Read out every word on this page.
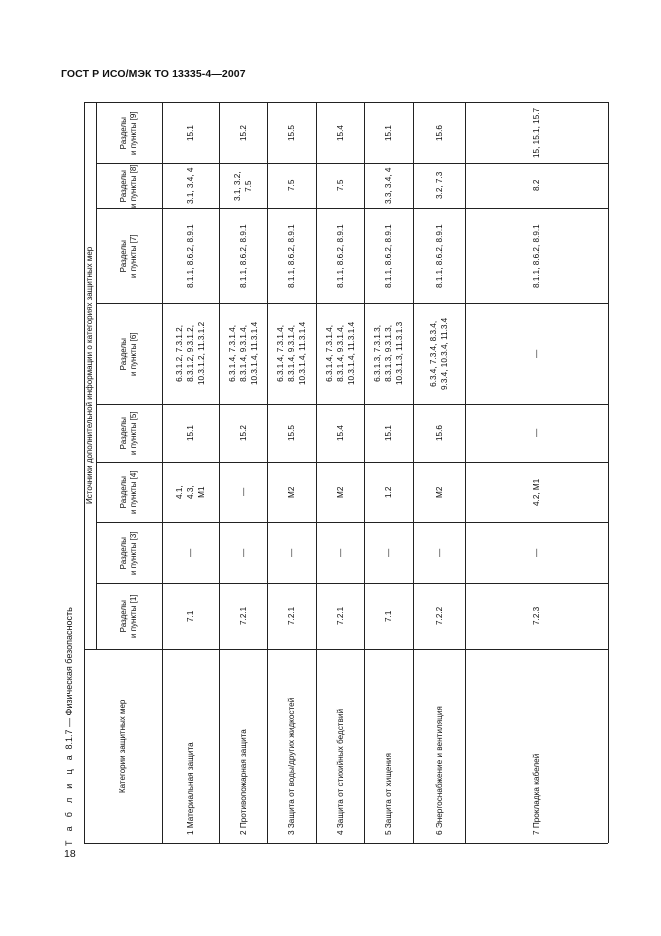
ГОСТ Р ИСО/МЭК ТО 13335-4—2007
Т а б л и ц а 8.1.7 — Физическая безопасность	Категории защитных мер
Источники дополнительной информации о категориях защитных мер
Разделы
и пункты [1]
Разделы
и пункты [3]
Разделы
и пункты [4]
Разделы
и пункты [5]
Разделы
и пункты [6]
Разделы
и пункты [7]
Разделы
и пункты [8]
Разделы
и пункты [9]
1 Материальная защита
7.1
—
4.1,
4.3,
M1
15.1
6.3.1.2, 7.3.1.2,
8.3.1.2, 9.3.1.2,
10.3.1.2, 11.3.1.2
8.1.1, 8.6.2, 8.9.1
3.1, 3.4, 4
15.1
2 Противопожарная защита
7.2.1
—
—
15.2
6.3.1.4, 7.3.1.4,
8.3.1.4, 9.3.1.4,
10.3.1.4, 11.3.1.4
8.1.1, 8.6.2, 8.9.1
3.1, 3.2,
7.5
15.2
3 Защита от воды/других жидкостей
7.2.1
—
M2
15.5
6.3.1.4, 7.3.1.4,
8.3.1.4, 9.3.1.4,
10.3.1.4, 11.3.1.4
8.1.1, 8.6.2, 8.9.1
7.5
15.5
4 Защита от стихийных бедствий
7.2.1
—
M2
15.4
6.3.1.4, 7.3.1.4,
8.3.1.4, 9.3.1.4,
10.3.1.4, 11.3.1.4
8.1.1, 8.6.2, 8.9.1
7.5
15.4
5 Защита от хищения
7.1
—
1.2
15.1
6.3.1.3, 7.3.1.3,
8.3.1.3, 9.3.1.3,
10.3.1.3, 11.3.1.3
8.1.1, 8.6.2, 8.9.1
3.3, 3.4, 4
15.1
6 Энергоснабжение и вентиляция
7.2.2
—
M2
15.6
6.3.4, 7.3.4, 8.3.4,
9.3.4, 10.3.4, 11.3.4
8.1.1, 8.6.2, 8.9.1
3.2, 7.3
15.6
7 Прокладка кабелей
7.2.3
—
4.2, M1
—
—
8.1.1, 8.6.2, 8.9.1
8.2
15, 15.1, 15.7
18
